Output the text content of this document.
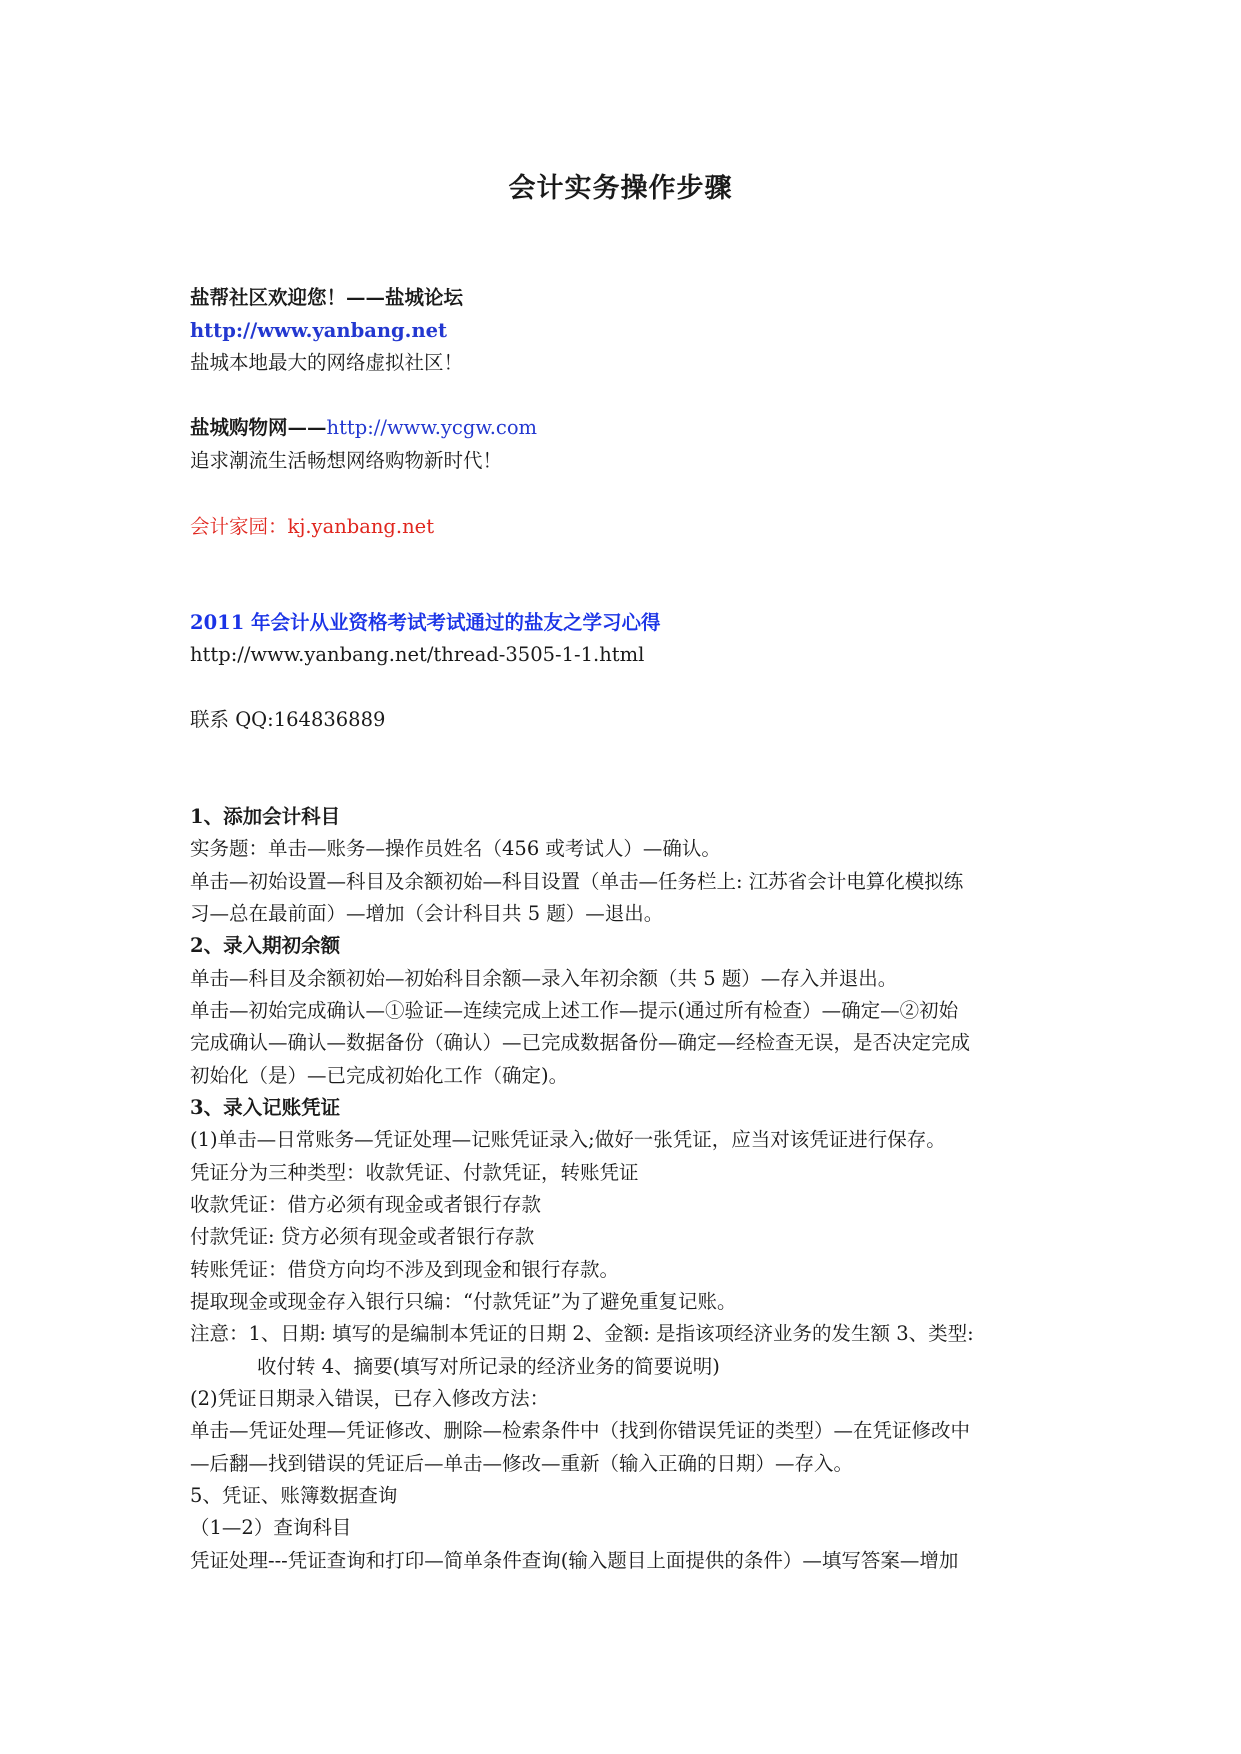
会计实务操作步骤
盐帮社区欢迎您！——盐城论坛
http://www.yanbang.net
盐城本地最大的网络虚拟社区！
盐城购物网——http://www.ycgw.com
追求潮流生活畅想网络购物新时代！
会计家园：kj.yanbang.net
2011 年会计从业资格考试考试通过的盐友之学习心得
http://www.yanbang.net/thread-3505-1-1.html
联系 QQ:164836889
1、添加会计科目
实务题：单击—账务—操作员姓名（456 或考试人）—确认。
单击—初始设置—科目及余额初始—科目设置（单击—任务栏上: 江苏省会计电算化模拟练
习—总在最前面）—增加（会计科目共 5 题）—退出。
2、录入期初余额
单击—科目及余额初始—初始科目余额—录入年初余额（共 5 题）—存入并退出。
单击—初始完成确认—①验证—连续完成上述工作—提示(通过所有检查）—确定—②初始
完成确认—确认—数据备份（确认）—已完成数据备份—确定—经检查无误，是否决定完成
初始化（是）—已完成初始化工作（确定)。
3、录入记账凭证
(1)单击—日常账务—凭证处理—记账凭证录入;做好一张凭证，应当对该凭证进行保存。
凭证分为三种类型：收款凭证、付款凭证，转账凭证
收款凭证：借方必须有现金或者银行存款
付款凭证: 贷方必须有现金或者银行存款
转账凭证：借贷方向均不涉及到现金和银行存款。
提取现金或现金存入银行只编：“付款凭证”为了避免重复记账。
注意：1、日期: 填写的是编制本凭证的日期 2、金额: 是指该项经济业务的发生额 3、类型:
收付转 4、摘要(填写对所记录的经济业务的简要说明)
(2)凭证日期录入错误，已存入修改方法：
单击—凭证处理—凭证修改、删除—检索条件中（找到你错误凭证的类型）—在凭证修改中
—后翻—找到错误的凭证后—单击—修改—重新（输入正确的日期）—存入。
5、凭证、账簿数据查询
（1—2）查询科目
凭证处理---凭证查询和打印—简单条件查询(输入题目上面提供的条件）—填写答案—增加
